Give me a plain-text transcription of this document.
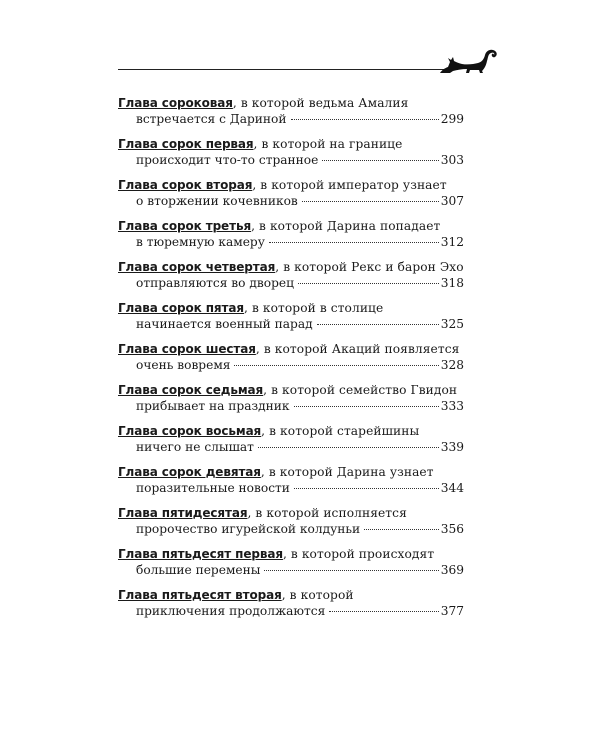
Глава сороковая, в которой ведьма Амалия
встречается с Дариной	299
Глава сорок первая, в которой на границе
происходит что-то странное	303
Глава сорок вторая, в которой император узнает
о вторжении кочевников	307
Глава сорок третья, в которой Дарина попадает
в тюремную камеру	312
Глава сорок четвертая, в которой Рекс и барон Эхо
отправляются во дворец	318
Глава сорок пятая, в которой в столице
начинается военный парад	325
Глава сорок шестая, в которой Акаций появляется
очень вовремя	328
Глава сорок седьмая, в которой семейство Гвидон
прибывает на праздник	333
Глава сорок восьмая, в которой старейшины
ничего не слышат	339
Глава сорок девятая, в которой Дарина узнает
поразительные новости	344
Глава пятидесятая, в которой исполняется
пророчество игурейской колдуньи	356
Глава пятьдесят первая, в которой происходят
большие перемены	369
Глава пятьдесят вторая, в которой
приключения продолжаются	377
